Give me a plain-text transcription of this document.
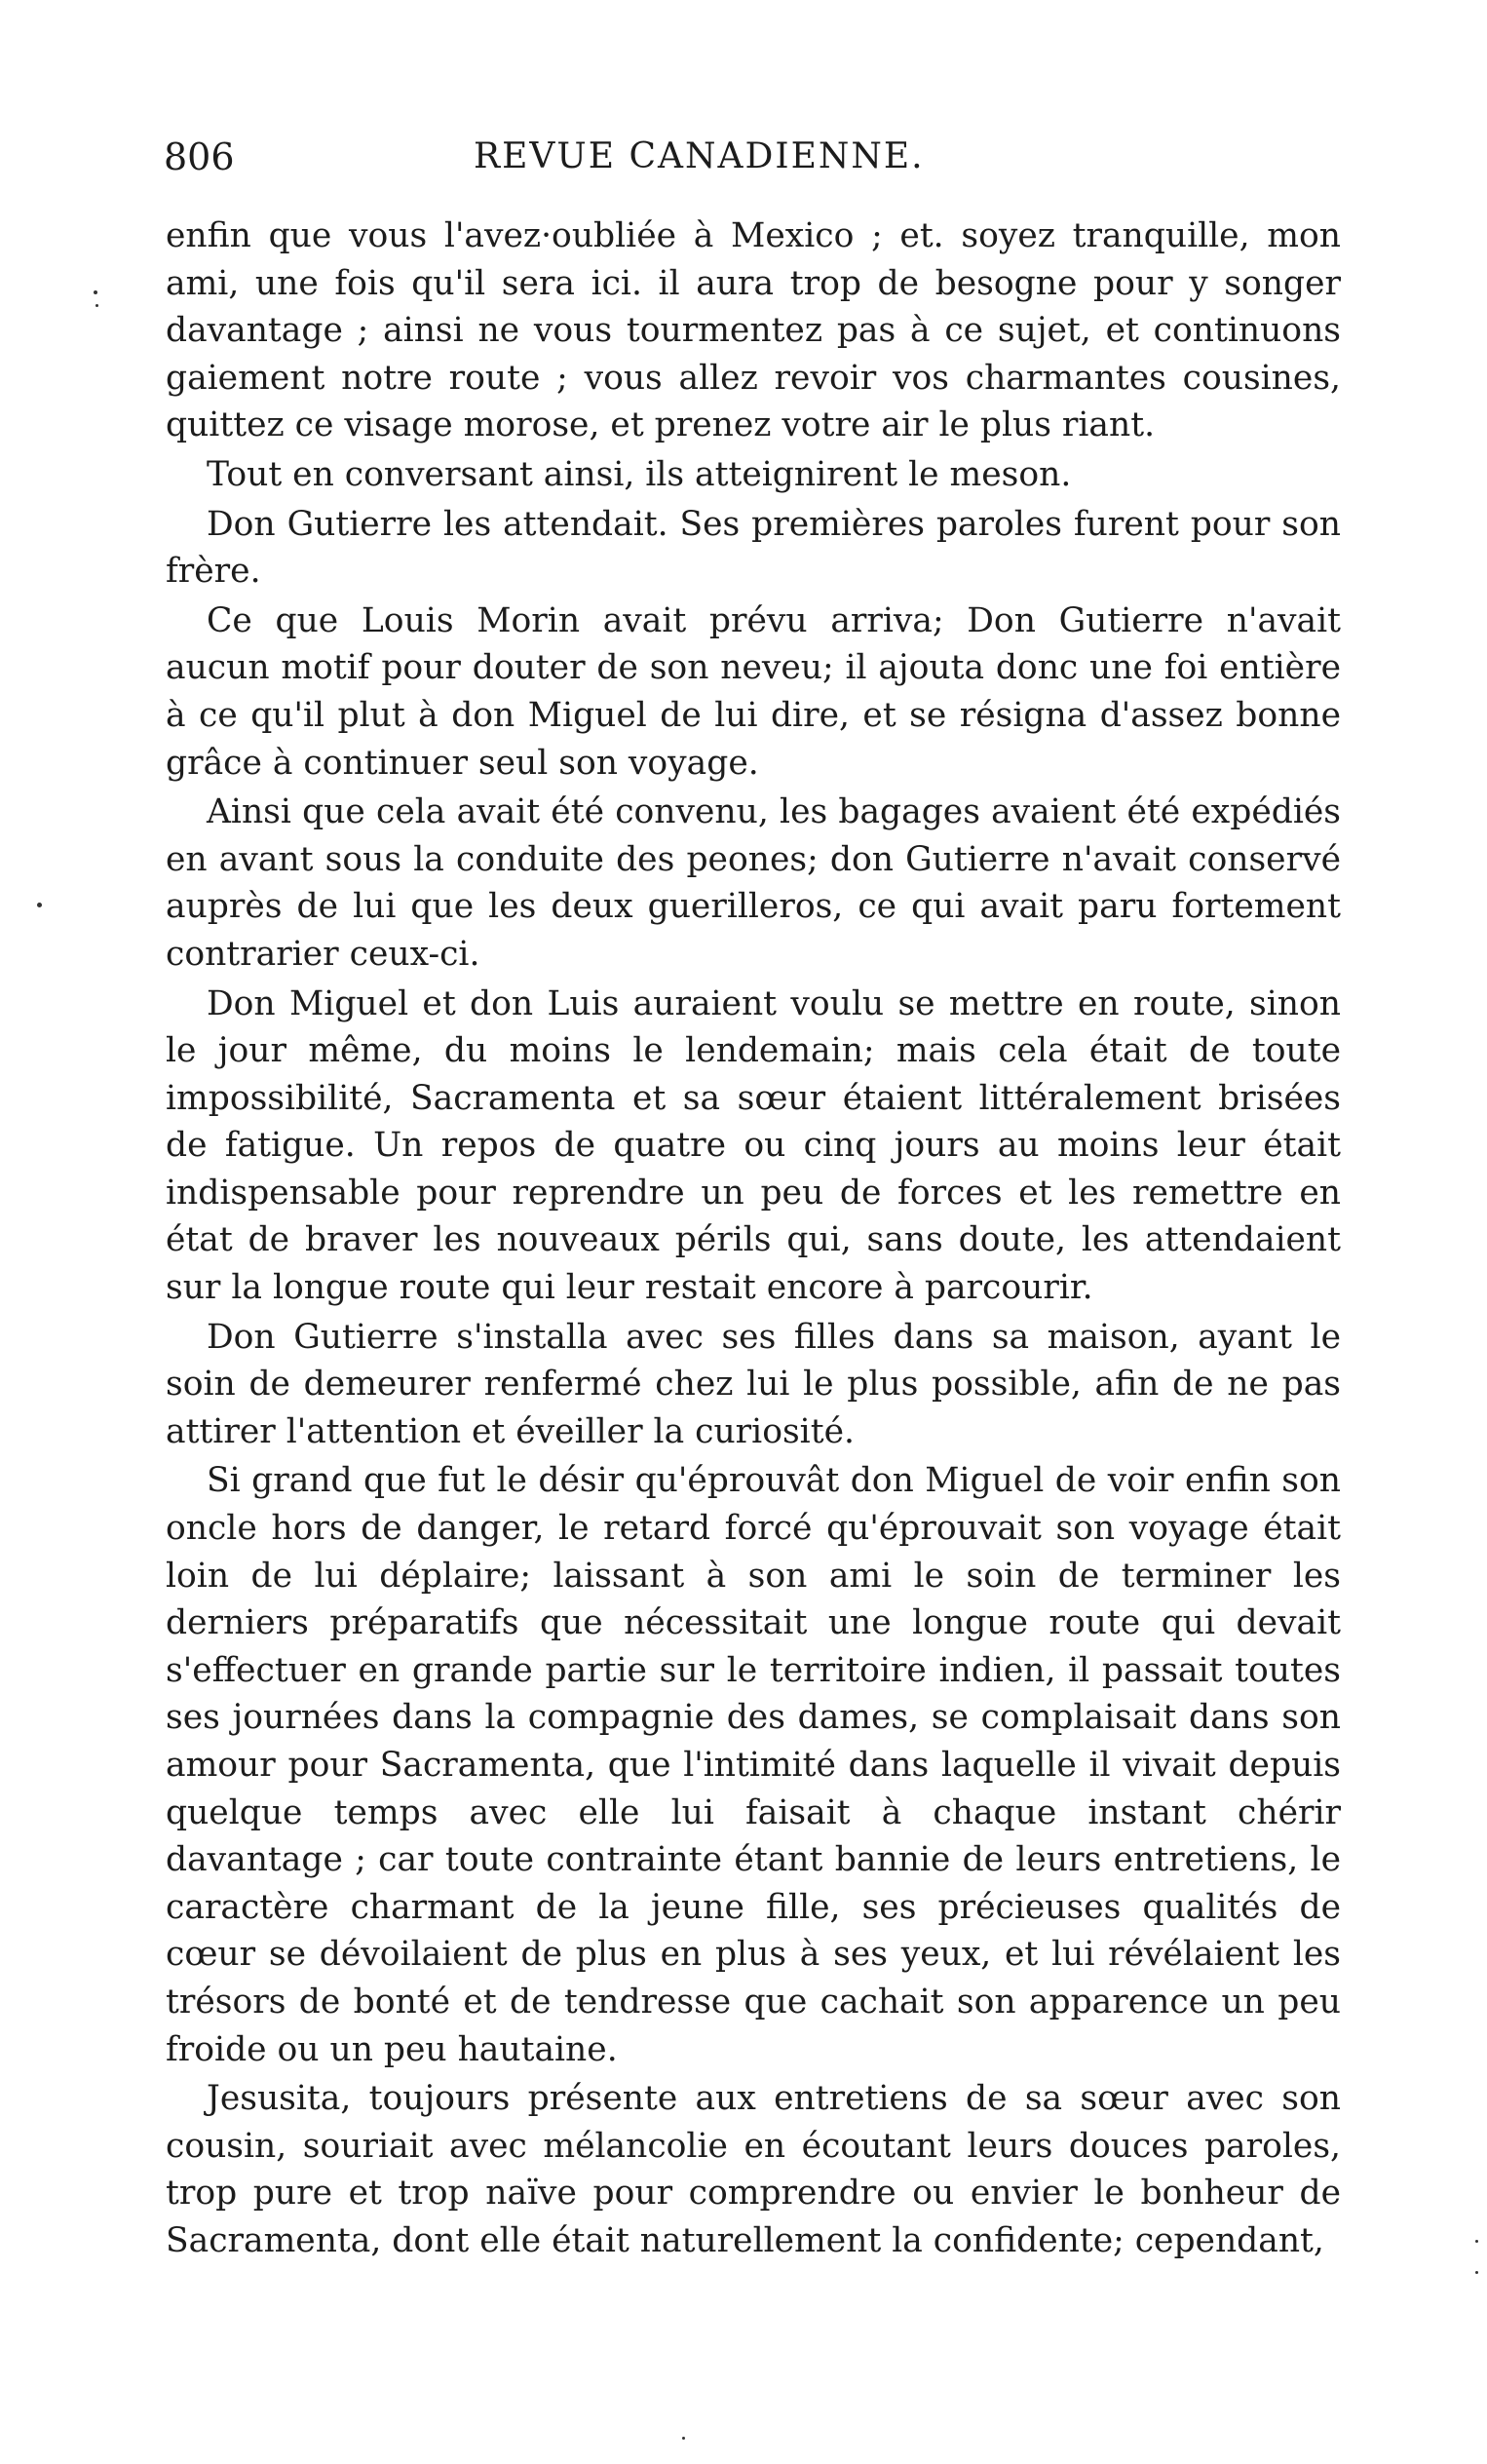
806	REVUE CANADIENNE.

enfin que vous l'avez·oubliée à Mexico ; et. soyez tranquille, mon ami, une fois qu'il sera ici. il aura trop de besogne pour y songer davantage ; ainsi ne vous tourmentez pas à ce sujet, et continuons gaiement notre route ; vous allez revoir vos charmantes cousines, quittez ce visage morose, et prenez votre air le plus riant.

Tout en conversant ainsi, ils atteignirent le meson.

Don Gutierre les attendait. Ses premières paroles furent pour son frère.

Ce que Louis Morin avait prévu arriva; Don Gutierre n'avait aucun motif pour douter de son neveu; il ajouta donc une foi entière à ce qu'il plut à don Miguel de lui dire, et se résigna d'assez bonne grâce à continuer seul son voyage.

Ainsi que cela avait été convenu, les bagages avaient été expédiés en avant sous la conduite des peones; don Gutierre n'avait conservé auprès de lui que les deux guerilleros, ce qui avait paru fortement contrarier ceux-ci.

Don Miguel et don Luis auraient voulu se mettre en route, sinon le jour même, du moins le lendemain; mais cela était de toute impossibilité, Sacramenta et sa sœur étaient littéralement brisées de fatigue. Un repos de quatre ou cinq jours au moins leur était indispensable pour reprendre un peu de forces et les remettre en état de braver les nouveaux périls qui, sans doute, les attendaient sur la longue route qui leur restait encore à parcourir.

Don Gutierre s'installa avec ses filles dans sa maison, ayant le soin de demeurer renfermé chez lui le plus possible, afin de ne pas attirer l'attention et éveiller la curiosité.

Si grand que fut le désir qu'éprouvât don Miguel de voir enfin son oncle hors de danger, le retard forcé qu'éprouvait son voyage était loin de lui déplaire; laissant à son ami le soin de terminer les derniers préparatifs que nécessitait une longue route qui devait s'effectuer en grande partie sur le territoire indien, il passait toutes ses journées dans la compagnie des dames, se complaisait dans son amour pour Sacramenta, que l'intimité dans laquelle il vivait depuis quelque temps avec elle lui faisait à chaque instant chérir davantage ; car toute contrainte étant bannie de leurs entretiens, le caractère charmant de la jeune fille, ses précieuses qualités de cœur se dévoilaient de plus en plus à ses yeux, et lui révélaient les trésors de bonté et de tendresse que cachait son apparence un peu froide ou un peu hautaine.

Jesusita, toujours présente aux entretiens de sa sœur avec son cousin, souriait avec mélancolie en écoutant leurs douces paroles, trop pure et trop naïve pour comprendre ou envier le bonheur de Sacramenta, dont elle était naturellement la confidente; cependant,
